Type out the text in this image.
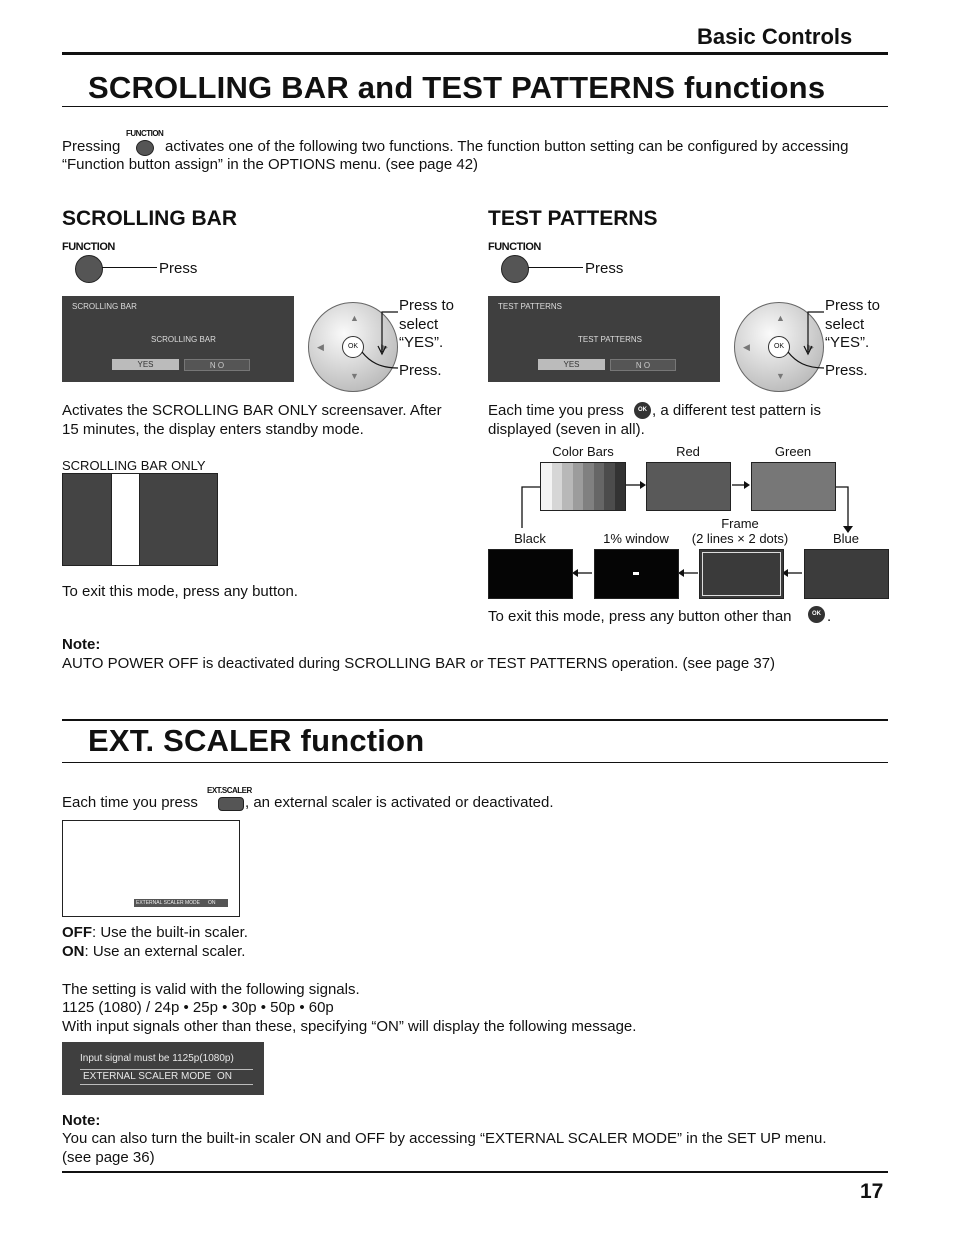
Basic Controls
SCROLLING BAR and TEST PATTERNS functions
Pressing
FUNCTION
activates one of the following two functions. The function button setting can be configured by accessing
“Function button assign” in the OPTIONS menu. (see page 42)
SCROLLING BAR
FUNCTION
Press
SCROLLING BAR
SCROLLING BAR
YES	N O
▲
▼
◀	▶
OK
Press to
select
“YES”.
Press.
Activates the SCROLLING BAR ONLY screensaver. After
15 minutes, the display enters standby mode.
SCROLLING BAR ONLY
To exit this mode, press any button.
TEST PATTERNS
FUNCTION
Press
TEST PATTERNS
TEST PATTERNS
YES	N O
▲
▼
◀	▶
OK
Press to
select
“YES”.
Press.
Each time you press	OK , a different test pattern is
displayed (seven in all).
Color Bars	Red	Green
Black	1% window
Frame
(2 lines × 2 dots)	Blue
To exit this mode, press any button other than	OK .
Note:
AUTO POWER OFF is deactivated during SCROLLING BAR or TEST PATTERNS operation. (see page 37)
EXT. SCALER function
Each time you press
EXT.SCALER
, an external scaler is activated or deactivated.
EXTERNAL SCALER MODE ON
OFF: Use the built-in scaler.
ON: Use an external scaler.
The setting is valid with the following signals.
1125 (1080) / 24p • 25p • 30p • 50p • 60p
With input signals other than these, specifying “ON” will display the following message.
Input signal must be 1125p(1080p)
EXTERNAL SCALER MODE ON
Note:
You can also turn the built-in scaler ON and OFF by accessing “EXTERNAL SCALER MODE” in the SET UP menu.
(see page 36)
17
